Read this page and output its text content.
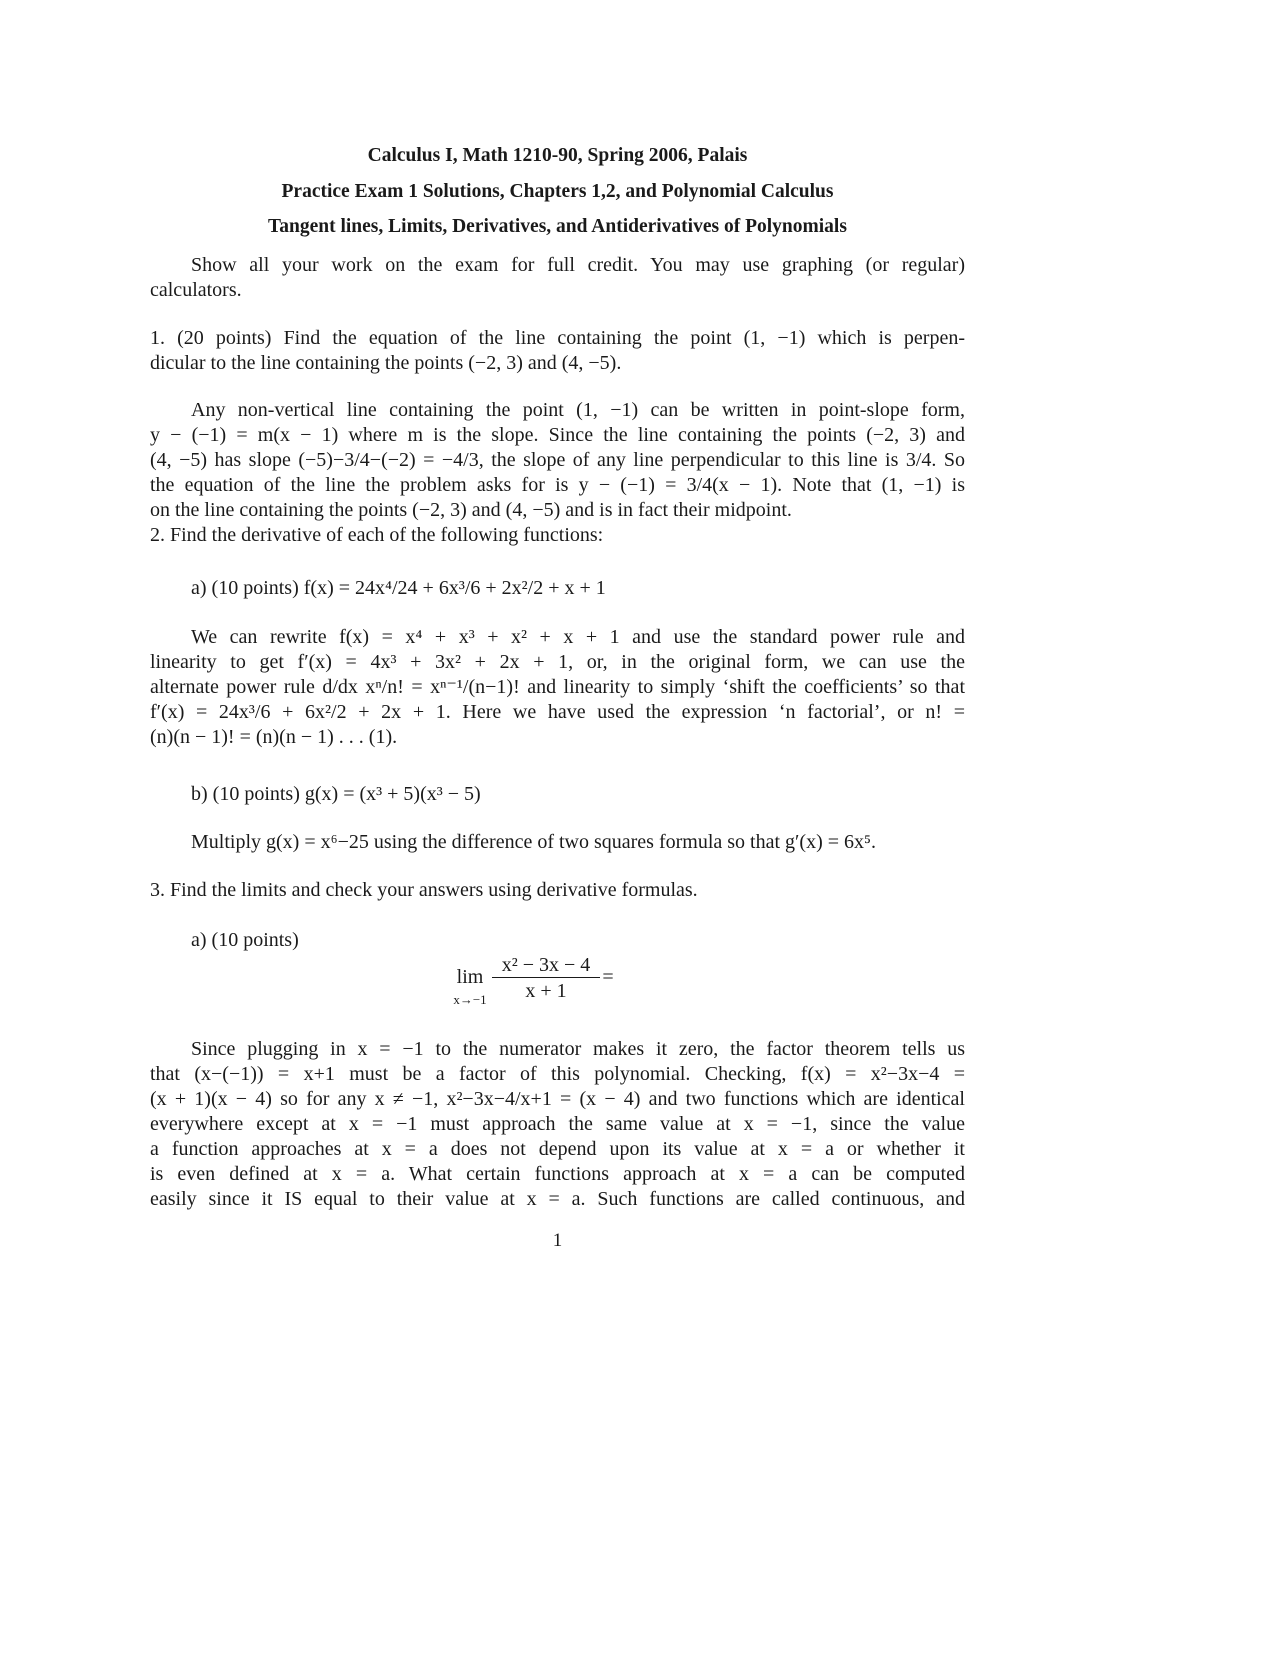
Calculus I, Math 1210-90, Spring 2006, Palais
Practice Exam 1 Solutions, Chapters 1,2, and Polynomial Calculus
Tangent lines, Limits, Derivatives, and Antiderivatives of Polynomials
Show all your work on the exam for full credit. You may use graphing (or regular)
calculators.
1. (20 points) Find the equation of the line containing the point (1, −1) which is perpen-
dicular to the line containing the points (−2, 3) and (4, −5).
Any non-vertical line containing the point (1, −1) can be written in point-slope form,
y − (−1) = m(x − 1) where m is the slope. Since the line containing the points (−2, 3) and
(4, −5) has slope (−5)−3/4−(−2) = −4/3, the slope of any line perpendicular to this line is 3/4. So
the equation of the line the problem asks for is y − (−1) = 3/4(x − 1). Note that (1, −1) is
on the line containing the points (−2, 3) and (4, −5) and is in fact their midpoint.
2. Find the derivative of each of the following functions:
a) (10 points) f(x) = 24x⁴/24 + 6x³/6 + 2x²/2 + x + 1
We can rewrite f(x) = x⁴ + x³ + x² + x + 1 and use the standard power rule and
linearity to get f′(x) = 4x³ + 3x² + 2x + 1, or, in the original form, we can use the
alternate power rule d/dx xⁿ/n! = xⁿ⁻¹/(n−1)! and linearity to simply ‘shift the coefficients’ so that
f′(x) = 24x³/6 + 6x²/2 + 2x + 1. Here we have used the expression ‘n factorial’, or n! =
(n)(n − 1)! = (n)(n − 1) . . . (1).
b) (10 points) g(x) = (x³ + 5)(x³ − 5)
Multiply g(x) = x⁶−25 using the difference of two squares formula so that g′(x) = 6x⁵.
3. Find the limits and check your answers using derivative formulas.
a) (10 points)
lim
x→−1
x² − 3x − 4
x + 1
=
Since plugging in x = −1 to the numerator makes it zero, the factor theorem tells us
that (x−(−1)) = x+1 must be a factor of this polynomial. Checking, f(x) = x²−3x−4 =
(x + 1)(x − 4) so for any x ≠ −1, x²−3x−4/x+1 = (x − 4) and two functions which are identical
everywhere except at x = −1 must approach the same value at x = −1, since the value
a function approaches at x = a does not depend upon its value at x = a or whether it
is even defined at x = a. What certain functions approach at x = a can be computed
easily since it IS equal to their value at x = a. Such functions are called continuous, and
1
